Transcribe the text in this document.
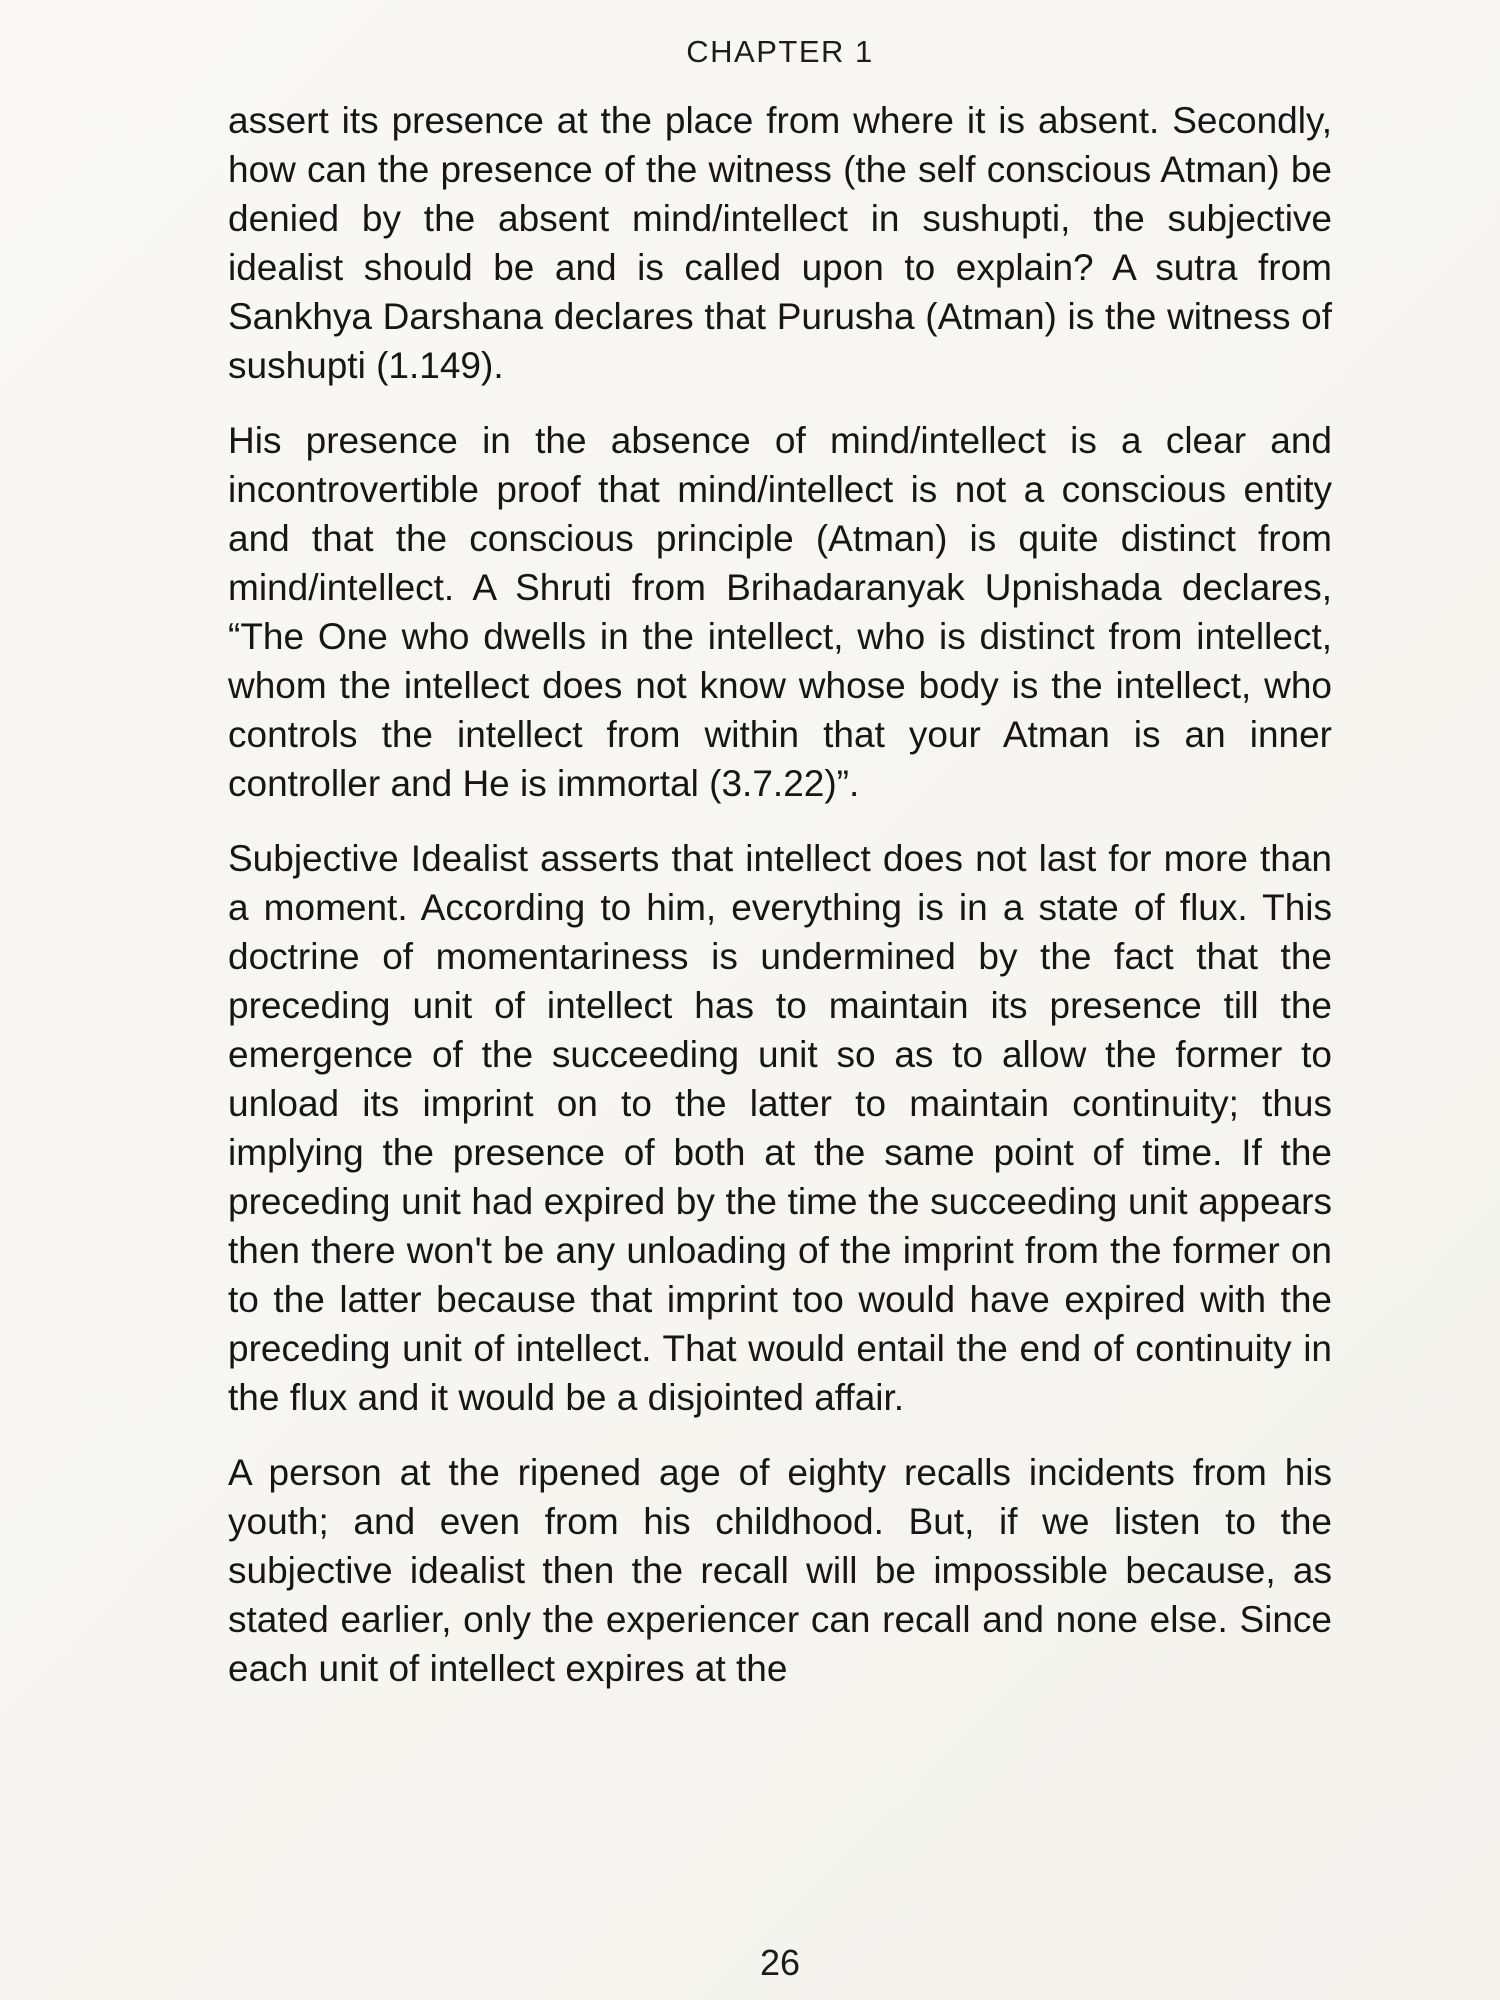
CHAPTER 1

assert its presence at the place from where it is absent. Secondly, how can the presence of the witness (the self conscious Atman) be denied by the absent mind/intellect in sushupti, the subjective idealist should be and is called upon to explain? A sutra from Sankhya Darshana declares that Purusha (Atman) is the witness of sushupti (1.149).

His presence in the absence of mind/intellect is a clear and incontrovertible proof that mind/intellect is not a conscious entity and that the conscious principle (Atman) is quite distinct from mind/intellect. A Shruti from Brihadaranyak Upnishada declares, “The One who dwells in the intellect, who is distinct from intellect, whom the intellect does not know whose body is the intellect, who controls the intellect from within that your Atman is an inner controller and He is immortal (3.7.22)”.

Subjective Idealist asserts that intellect does not last for more than a moment. According to him, everything is in a state of flux. This doctrine of momentariness is undermined by the fact that the preceding unit of intellect has to maintain its presence till the emergence of the succeeding unit so as to allow the former to unload its imprint on to the latter to maintain continuity; thus implying the presence of both at the same point of time. If the preceding unit had expired by the time the succeeding unit appears then there won't be any unloading of the imprint from the former on to the latter because that imprint too would have expired with the preceding unit of intellect. That would entail the end of continuity in the flux and it would be a disjointed affair.

A person at the ripened age of eighty recalls incidents from his youth; and even from his childhood. But, if we listen to the subjective idealist then the recall will be impossible because, as stated earlier, only the experiencer can recall and none else. Since each unit of intellect expires at the

26
